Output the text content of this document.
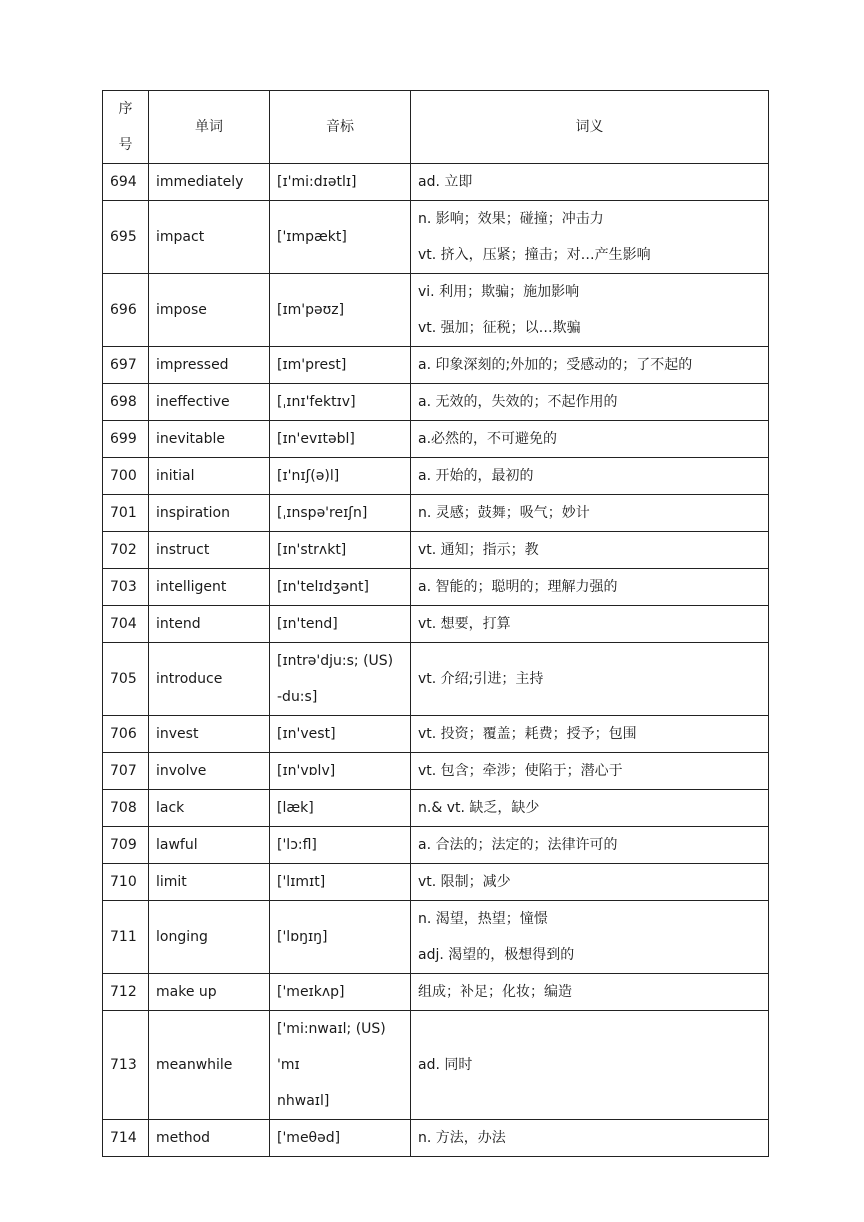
序
号	单词	音标	词义
694	immediately	[ɪ'mi:dɪətlɪ]	ad. 立即

695	impact	['ɪmpækt]	n. 影响；效果；碰撞；冲击力
vt. 挤入，压紧；撞击；对…产生影响

696	impose	[ɪm'pəʊz]	vi. 利用；欺骗；施加影响
vt. 强加；征税；以…欺骗

697	impressed	[ɪm'prest]	a. 印象深刻的;外加的；受感动的；了不起的

698	ineffective	[ˌɪnɪ'fektɪv]	a. 无效的，失效的；不起作用的

699	inevitable	[ɪn'evɪtəbl]	a.必然的，不可避免的

700	initial	[ɪ'nɪʃ(ə)l]	a. 开始的，最初的

701	inspiration	[ˌɪnspə'reɪʃn]	n. 灵感；鼓舞；吸气；妙计

702	instruct	[ɪn'strʌkt]	vt. 通知；指示；教

703	intelligent	[ɪn'telɪdʒənt]	a. 智能的；聪明的；理解力强的

704	intend	[ɪn'tend]	vt. 想要，打算

705	introduce	[ɪntrə'dju:s; (US)
-du:s]	vt. 介绍;引进；主持

706	invest	[ɪn'vest]	vt. 投资；覆盖；耗费；授予；包围

707	involve	[ɪn'vɒlv]	vt. 包含；牵涉；使陷于；潜心于

708	lack	[læk]	n.& vt. 缺乏，缺少

709	lawful	['lɔ:fl]	a. 合法的；法定的；法律许可的

710	limit	['lɪmɪt]	vt. 限制；减少

711	longing	['lɒŋɪŋ]	n. 渴望，热望；憧憬
adj. 渴望的，极想得到的

712	make up	['meɪkʌp]	组成；补足；化妆；编造

713	meanwhile	['mi:nwaɪl; (US) 'mɪ
nhwaɪl]	ad. 同时

714	method	['meθəd]	n. 方法，办法
